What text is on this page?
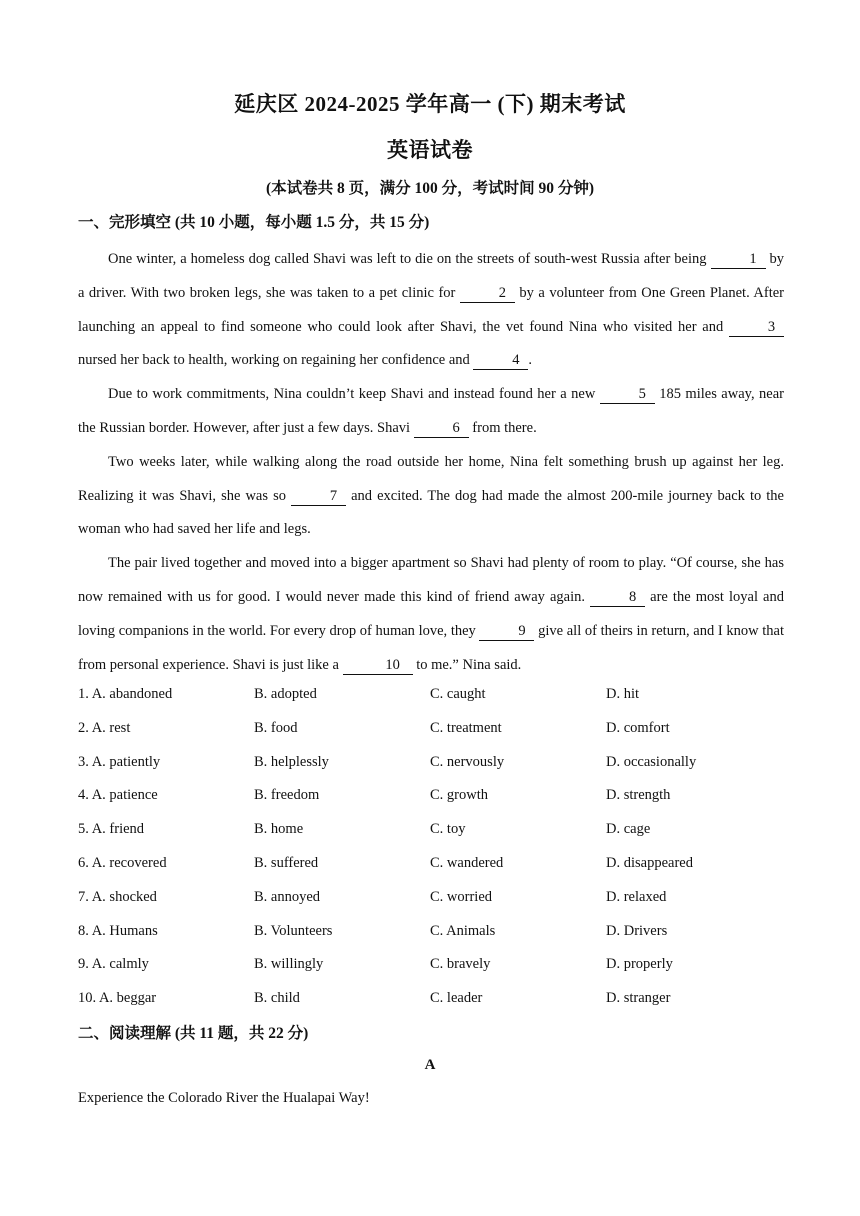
延庆区 2024-2025 学年高一 (下) 期末考试
英语试卷
(本试卷共 8 页，满分 100 分，考试时间 90 分钟)
一、完形填空 (共 10 小题，每小题 1.5 分，共 15 分)

One winter, a homeless dog called Shavi was left to die on the streets of south-west Russia after being	1 by a driver. With two broken legs, she was taken to a pet clinic for	2 by a volunteer from One Green Planet. After launching an appeal to find someone who could look after Shavi, the vet found Nina who visited her and	3 nursed her back to health, working on regaining her confidence and	4 .

Due to work commitments, Nina couldn’t keep Shavi and instead found her a new	5 185 miles away, near the Russian border. However, after just a few days. Shavi	6 from there.

Two weeks later, while walking along the road outside her home, Nina felt something brush up against her leg. Realizing it was Shavi, she was so	7 and excited. The dog had made the almost 200-mile journey back to the woman who had saved her life and legs.

The pair lived together and moved into a bigger apartment so Shavi had plenty of room to play. “Of course, she has now remained with us for good. I would never made this kind of friend away again.	8 are the most loyal and loving companions in the world. For every drop of human love, they	9 give all of theirs in return, and I know that from personal experience. Shavi is just like a	10 to me.” Nina said.

1. A. abandoned	B. adopted	C. caught	D. hit
2. A. rest	B. food	C. treatment	D. comfort
3. A. patiently	B. helplessly	C. nervously	D. occasionally
4. A. patience	B. freedom	C. growth	D. strength
5. A. friend	B. home	C. toy	D. cage
6. A. recovered	B. suffered	C. wandered	D. disappeared
7. A. shocked	B. annoyed	C. worried	D. relaxed
8. A. Humans	B. Volunteers	C. Animals	D. Drivers
9. A. calmly	B. willingly	C. bravely	D. properly
10. A. beggar	B. child	C. leader	D. stranger
二、阅读理解 (共 11 题，共 22 分)
A
Experience the Colorado River the Hualapai Way!
